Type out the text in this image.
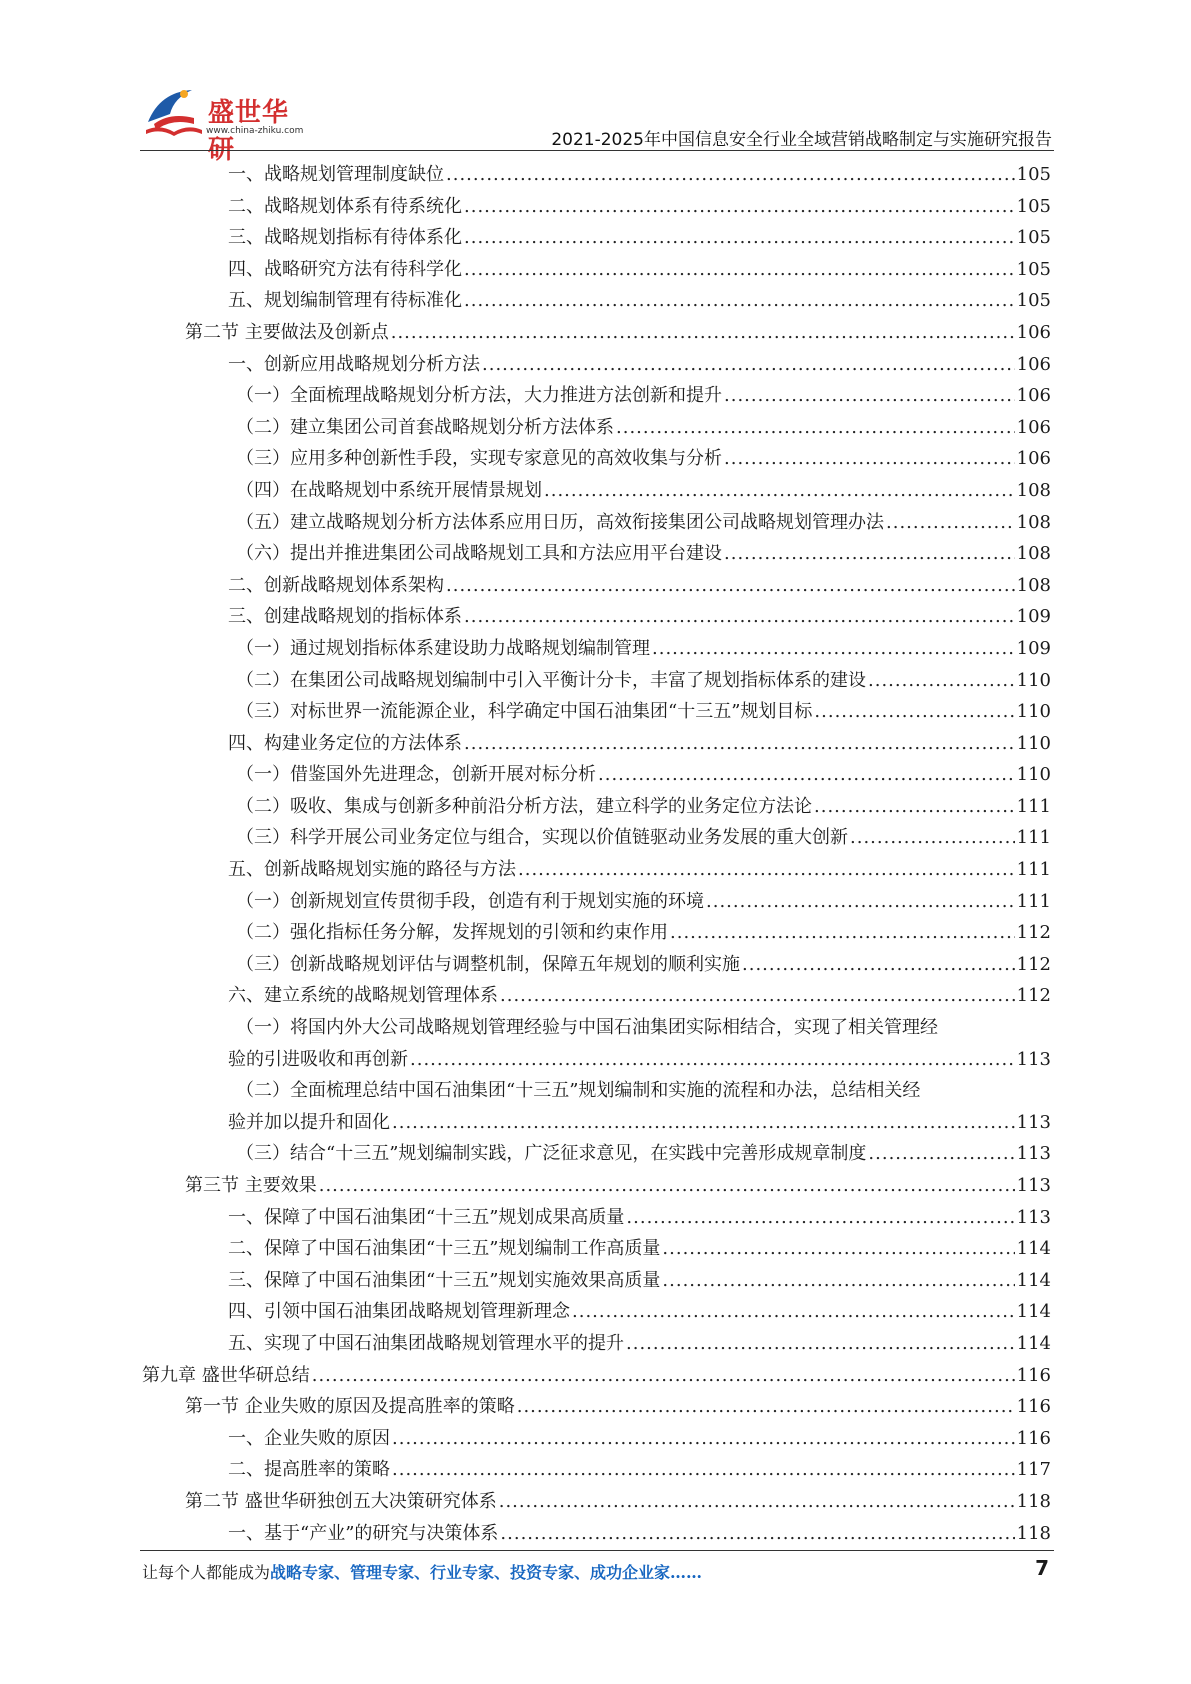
盛世华研
www.china-zhiku.com	2021-2025年中国信息安全行业全域营销战略制定与实施研究报告
一、战略规划管理制度缺位 .....	105
二、战略规划体系有待系统化 .....	105
三、战略规划指标有待体系化 .....	105
四、战略研究方法有待科学化 .....	105
五、规划编制管理有待标准化 .....	105
第二节 主要做法及创新点 .....	106
一、创新应用战略规划分析方法 .....	106
（一）全面梳理战略规划分析方法，大力推进方法创新和提升 .....	106
（二）建立集团公司首套战略规划分析方法体系 .....	106
（三）应用多种创新性手段，实现专家意见的高效收集与分析 .....	106
（四）在战略规划中系统开展情景规划 .....	108
（五）建立战略规划分析方法体系应用日历，高效衔接集团公司战略规划管理办法 .....	108
（六）提出并推进集团公司战略规划工具和方法应用平台建设 .....	108
二、创新战略规划体系架构 .....	108
三、创建战略规划的指标体系 .....	109
（一）通过规划指标体系建设助力战略规划编制管理 .....	109
（二）在集团公司战略规划编制中引入平衡计分卡，丰富了规划指标体系的建设 .....	110
（三）对标世界一流能源企业，科学确定中国石油集团“十三五”规划目标 .....	110
四、构建业务定位的方法体系 .....	110
（一）借鉴国外先进理念，创新开展对标分析 .....	110
（二）吸收、集成与创新多种前沿分析方法，建立科学的业务定位方法论 .....	111
（三）科学开展公司业务定位与组合，实现以价值链驱动业务发展的重大创新 .....	111
五、创新战略规划实施的路径与方法 .....	111
（一）创新规划宣传贯彻手段，创造有利于规划实施的环境 .....	111
（二）强化指标任务分解，发挥规划的引领和约束作用 .....	112
（三）创新战略规划评估与调整机制，保障五年规划的顺利实施 .....	112
六、建立系统的战略规划管理体系 .....	112
（一）将国内外大公司战略规划管理经验与中国石油集团实际相结合，实现了相关管理经
验的引进吸收和再创新 .....	113
（二）全面梳理总结中国石油集团“十三五”规划编制和实施的流程和办法，总结相关经
验并加以提升和固化 .....	113
（三）结合“十三五”规划编制实践，广泛征求意见，在实践中完善形成规章制度 .....	113
第三节 主要效果 .....	113
一、保障了中国石油集团“十三五”规划成果高质量 .....	113
二、保障了中国石油集团“十三五”规划编制工作高质量 .....	114
三、保障了中国石油集团“十三五”规划实施效果高质量 .....	114
四、引领中国石油集团战略规划管理新理念 .....	114
五、实现了中国石油集团战略规划管理水平的提升 .....	114
第九章 盛世华研总结 .....	116
第一节 企业失败的原因及提高胜率的策略 .....	116
一、企业失败的原因 .....	116
二、提高胜率的策略 .....	117
第二节 盛世华研独创五大决策研究体系 .....	118
一、基于“产业”的研究与决策体系 .....	118
让每个人都能成为战略专家、管理专家、行业专家、投资专家、成功企业家……	7
